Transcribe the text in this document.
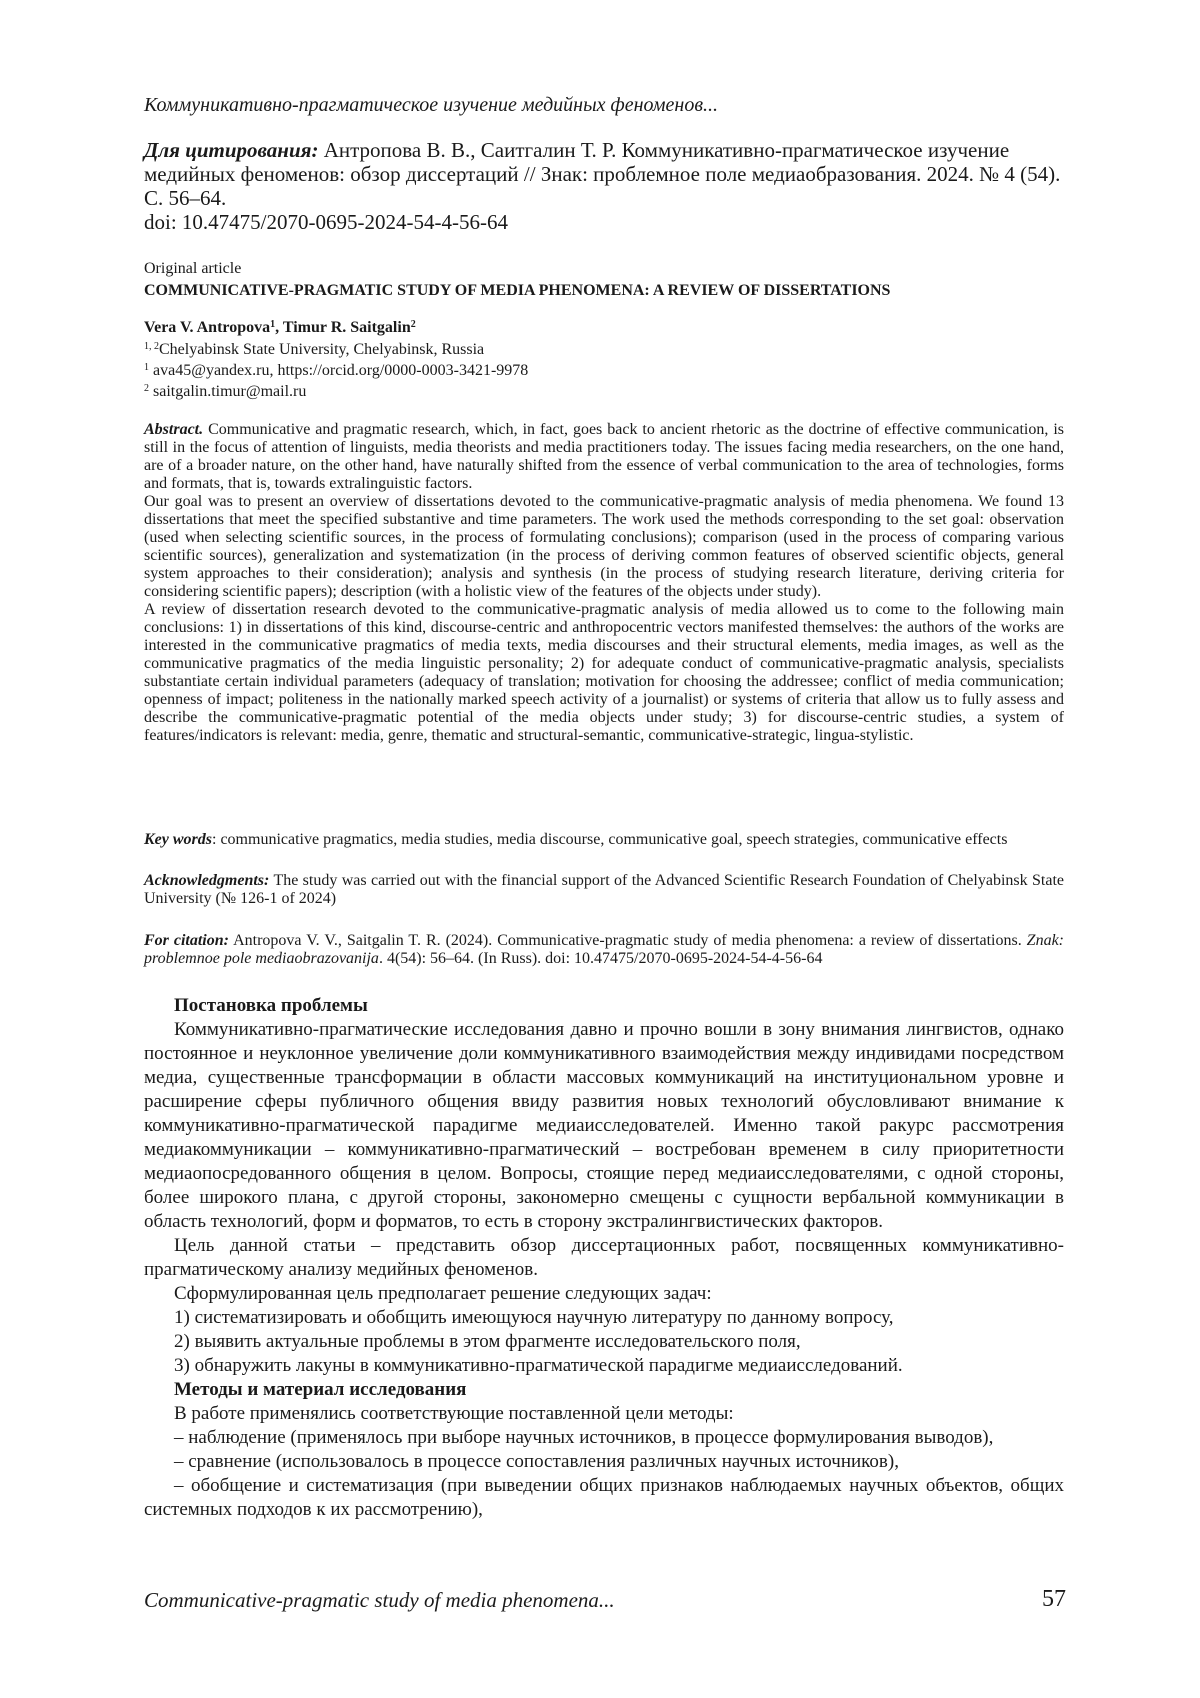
Коммуникативно-прагматическое изучение медийных феноменов...
Для цитирования: Антропова В. В., Саитгалин Т. Р. Коммуникативно-прагматическое изучение медийных феноменов: обзор диссертаций // Знак: проблемное поле медиаобразования. 2024. № 4 (54). С. 56–64.
doi: 10.47475/2070-0695-2024-54-4-56-64
Original article
COMMUNICATIVE-PRAGMATIC STUDY OF MEDIA PHENOMENA: A REVIEW OF DISSERTATIONS
Vera V. Antropova$^1$, Timur R. Saitgalin$^2$
$^{1, 2}$Chelyabinsk State University, Chelyabinsk, Russia
$^1$ ava45@yandex.ru, https://orcid.org/0000-0003-3421-9978
$^2$ saitgalin.timur@mail.ru

Abstract. Communicative and pragmatic research, which, in fact, goes back to ancient rhetoric as the doctrine of effective communication, is still in the focus of attention of linguists, media theorists and media practitioners today. The issues facing media researchers, on the one hand, are of a broader nature, on the other hand, have naturally shifted from the essence of verbal communication to the area of technologies, forms and formats, that is, towards extralinguistic factors.

Our goal was to present an overview of dissertations devoted to the communicative-pragmatic analysis of media phenomena. We found 13 dissertations that meet the specified substantive and time parameters. The work used the methods corresponding to the set goal: observation (used when selecting scientific sources, in the process of formulating conclusions); comparison (used in the process of comparing various scientific sources), generalization and systematization (in the process of deriving common features of observed scientific objects, general system approaches to their consideration); analysis and synthesis (in the process of studying research literature, deriving criteria for considering scientific papers); description (with a holistic view of the features of the objects under study).

A review of dissertation research devoted to the communicative-pragmatic analysis of media allowed us to come to the following main conclusions: 1) in dissertations of this kind, discourse-centric and anthropocentric vectors manifested themselves: the authors of the works are interested in the communicative pragmatics of media texts, media discourses and their structural elements, media images, as well as the communicative pragmatics of the media linguistic personality; 2) for adequate conduct of communicative-pragmatic analysis, specialists substantiate certain individual parameters (adequacy of translation; motivation for choosing the addressee; conflict of media communication; openness of impact; politeness in the nationally marked speech activity of a journalist) or systems of criteria that allow us to fully assess and describe the communicative-pragmatic potential of the media objects under study; 3) for discourse-centric studies, a system of features/indicators is relevant: media, genre, thematic and structural-semantic, communicative-strategic, lingua-stylistic.

Key words: communicative pragmatics, media studies, media discourse, communicative goal, speech strategies, communicative effects
Acknowledgments: The study was carried out with the financial support of the Advanced Scientific Research Foundation of Chelyabinsk State University (№ 126-1 of 2024)
For citation: Antropova V. V., Saitgalin T. R. (2024). Communicative-pragmatic study of media phenomena: a review of dissertations. Znak: problemnoe pole mediaobrazovanija. 4(54): 56–64. (In Russ). doi: 10.47475/2070-0695-2024-54-4-56-64

Постановка проблемы

Коммуникативно-прагматические исследования давно и прочно вошли в зону внимания лингвистов, однако постоянное и неуклонное увеличение доли коммуникативного взаимодействия между индивидами посредством медиа, существенные трансформации в области массовых коммуникаций на институциональном уровне и расширение сферы публичного общения ввиду развития новых технологий обусловливают внимание к коммуникативно-прагматической парадигме медиаисследователей. Именно такой ракурс рассмотрения медиакоммуникации – коммуникативно-прагматический – востребован временем в силу приоритетности медиаопосредованного общения в целом. Вопросы, стоящие перед медиаисследователями, с одной стороны, более широкого плана, с другой стороны, закономерно смещены с сущности вербальной коммуникации в область технологий, форм и форматов, то есть в сторону экстралингвистических факторов.

Цель данной статьи – представить обзор диссертационных работ, посвященных коммуникативно-прагматическому анализу медийных феноменов.

Сформулированная цель предполагает решение следующих задач:

1) систематизировать и обобщить имеющуюся научную литературу по данному вопросу,

2) выявить актуальные проблемы в этом фрагменте исследовательского поля,

3) обнаружить лакуны в коммуникативно-прагматической парадигме медиаисследований.

Методы и материал исследования

В работе применялись соответствующие поставленной цели методы:

– наблюдение (применялось при выборе научных источников, в процессе формулирования выводов),

– сравнение (использовалось в процессе сопоставления различных научных источников),

– обобщение и систематизация (при выведении общих признаков наблюдаемых научных объектов, общих системных подходов к их рассмотрению),

Communicative-pragmatic study of media phenomena...	57
